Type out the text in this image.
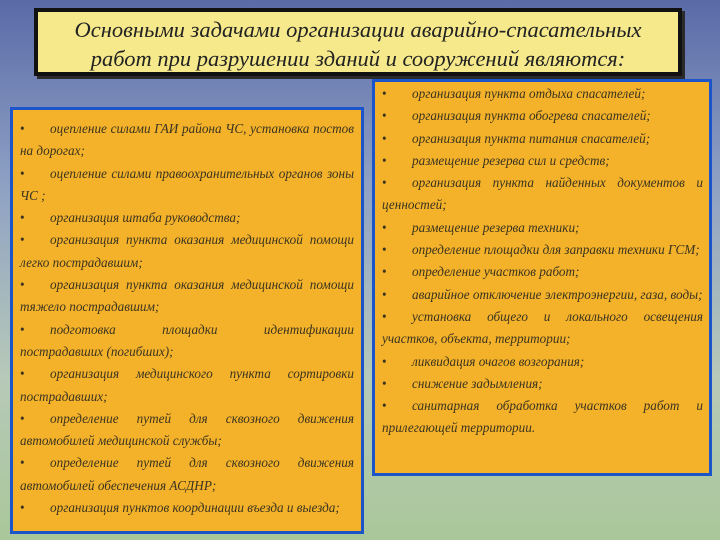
Основными задачами организации аварийно-спасательных
работ при разрушении зданий и сооружений являются:

• оцепление силами ГАИ района ЧС, установка постов на дорогах;

• оцепление силами правоохранительных органов зоны ЧС ;

• организация штаба руководства;

• организация пункта оказания медицинской помощи легко пострадавшим;

• организация пункта оказания медицинской помощи тяжело пострадавшим;

• подготовка площадки идентификации пострадавших (погибших);

• организация медицинского пункта сортировки пострадавших;

• определение путей для сквозного движения автомобилей медицинской службы;

• определение путей для сквозного движения автомобилей обеспечения АСДНР;

• организация пунктов координации въезда и выезда;

• организация пункта отдыха спасателей;

• организация пункта обогрева спасателей;

• организация пункта питания спасателей;

• размещение резерва сил и средств;

• организация пункта найденных документов и ценностей;

• размещение резерва техники;

• определение площадки для заправки техники ГСМ;

• определение участков работ;

• аварийное отключение электроэнергии, газа, воды;

• установка общего и локального освещения участков, объекта, территории;

• ликвидация очагов возгорания;

• снижение задымления;

• санитарная обработка участков работ и прилегающей территории.
